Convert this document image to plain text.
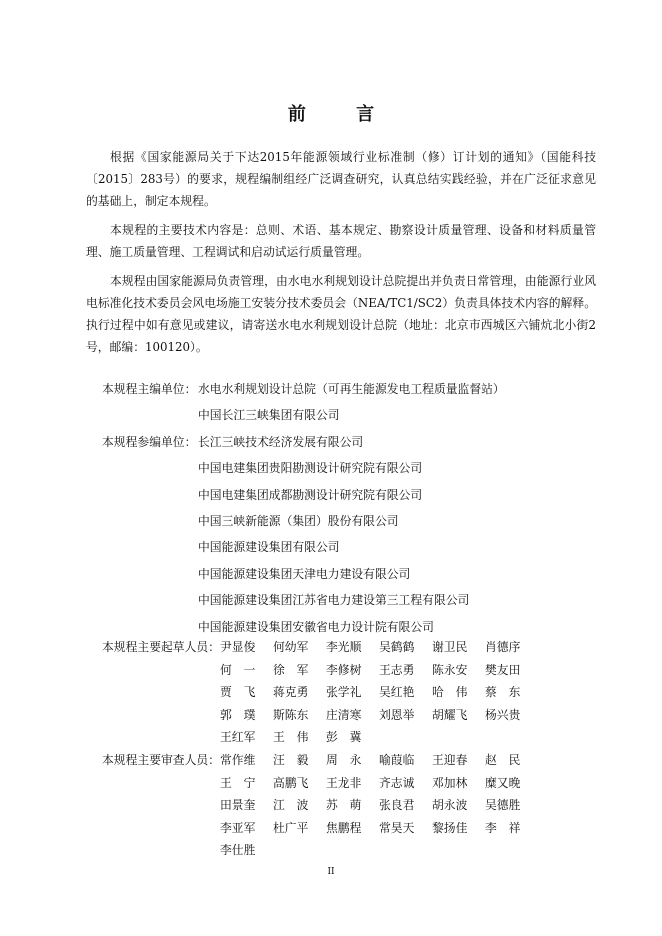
前 言

根据《国家能源局关于下达2015年能源领域行业标准制（修）订计划的通知》（国能科技〔2015〕283号）的要求，规程编制组经广泛调查研究，认真总结实践经验，并在广泛征求意见的基础上，制定本规程。

本规程的主要技术内容是：总则、术语、基本规定、勘察设计质量管理、设备和材料质量管理、施工质量管理、工程调试和启动试运行质量管理。

本规程由国家能源局负责管理，由水电水利规划设计总院提出并负责日常管理，由能源行业风电标准化技术委员会风电场施工安装分技术委员会（NEA/TC1/SC2）负责具体技术内容的解释。执行过程中如有意见或建议，请寄送水电水利规划设计总院（地址：北京市西城区六铺炕北小街2号，邮编：100120）。

本规程主编单位： 水电水利规划设计总院（可再生能源发电工程质量监督站）
中国长江三峡集团有限公司
本规程参编单位： 长江三峡技术经济发展有限公司
中国电建集团贵阳勘测设计研究院有限公司
中国电建集团成都勘测设计研究院有限公司
中国三峡新能源（集团）股份有限公司
中国能源建设集团有限公司
中国能源建设集团天津电力建设有限公司
中国能源建设集团江苏省电力建设第三工程有限公司
中国能源建设集团安徽省电力设计院有限公司
本规程主要起草人员： 尹显俊	何幼军	李光顺	吴鹤鹤	谢卫民	肖德序
何　一	徐　军	李修树	王志勇	陈永安	樊友田
贾　飞	蒋克勇	张学礼	吴红艳	哈　伟	蔡　东
郭　璞	斯陈东	庄清寒	刘恩举	胡耀飞	杨兴贵
王红军	王　伟	彭　冀
本规程主要审查人员： 常作维	汪　毅	周　永	喻葭临	王迎春	赵　民
王　宁	高鹏飞	王龙非	齐志诚	邓加林	糜又晚
田景奎	江　波	苏　萌	张良君	胡永波	吴德胜
李亚军	杜广平	焦鹏程	常昊天	黎扬佳	李　祥
李仕胜
II
